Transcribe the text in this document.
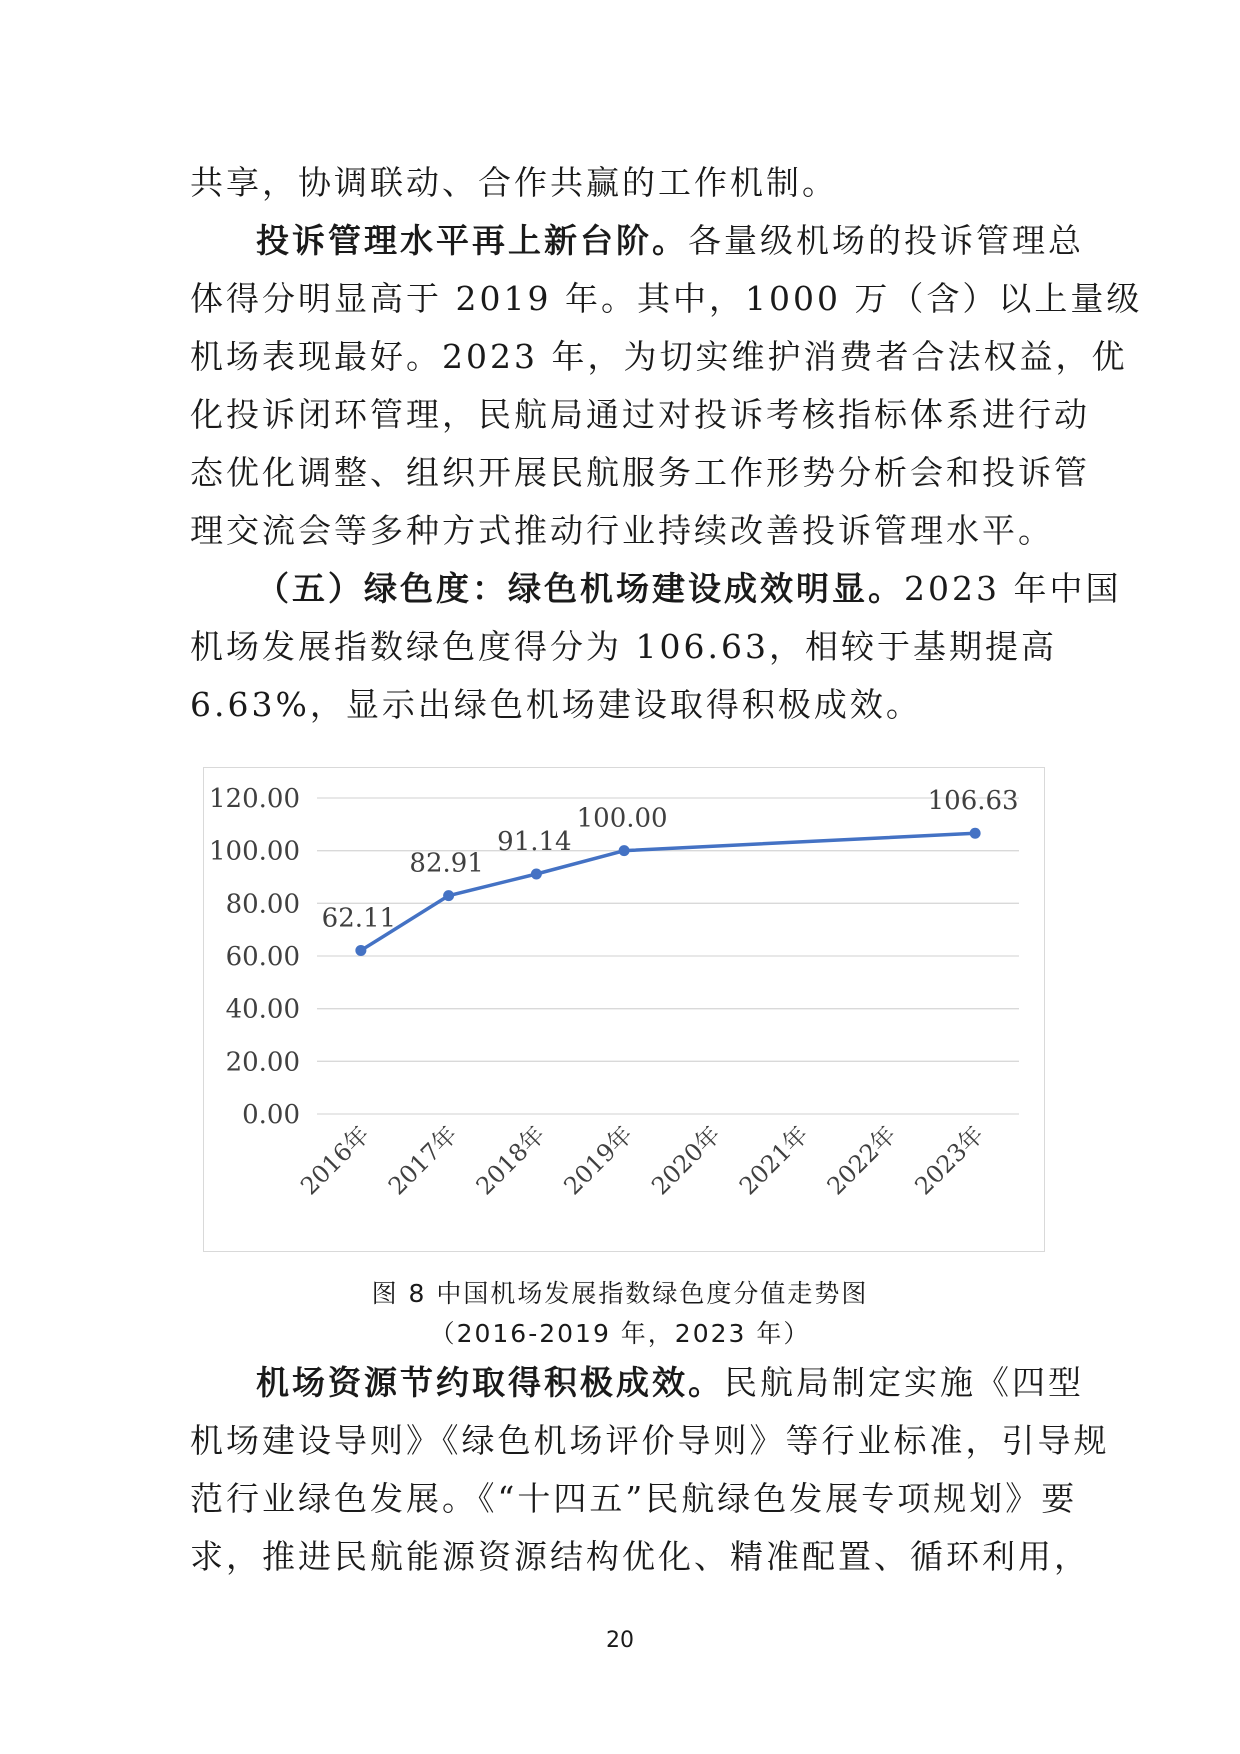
共享，协调联动、合作共赢的工作机制。
投诉管理水平再上新台阶。各量级机场的投诉管理总
体得分明显高于 2019 年。其中，1000 万（含）以上量级
机场表现最好。2023 年，为切实维护消费者合法权益，优
化投诉闭环管理，民航局通过对投诉考核指标体系进行动
态优化调整、组织开展民航服务工作形势分析会和投诉管
理交流会等多种方式推动行业持续改善投诉管理水平。
（五）绿色度：绿色机场建设成效明显。2023 年中国
机场发展指数绿色度得分为 106.63，相较于基期提高
6.63%，显示出绿色机场建设取得积极成效。
0.00
20.00
40.00
60.00
80.00
100.00
120.00
2016年 2017年 2018年 2019年 2020年 2021年 2022年 2023年
62.11
82.91
91.14
100.00
106.63
图 8 中国机场发展指数绿色度分值走势图
（2016-2019 年，2023 年）
机场资源节约取得积极成效。民航局制定实施《四型
机场建设导则》《绿色机场评价导则》等行业标准，引导规
范行业绿色发展。《“十四五”民航绿色发展专项规划》要
求，推进民航能源资源结构优化、精准配置、循环利用，
20
